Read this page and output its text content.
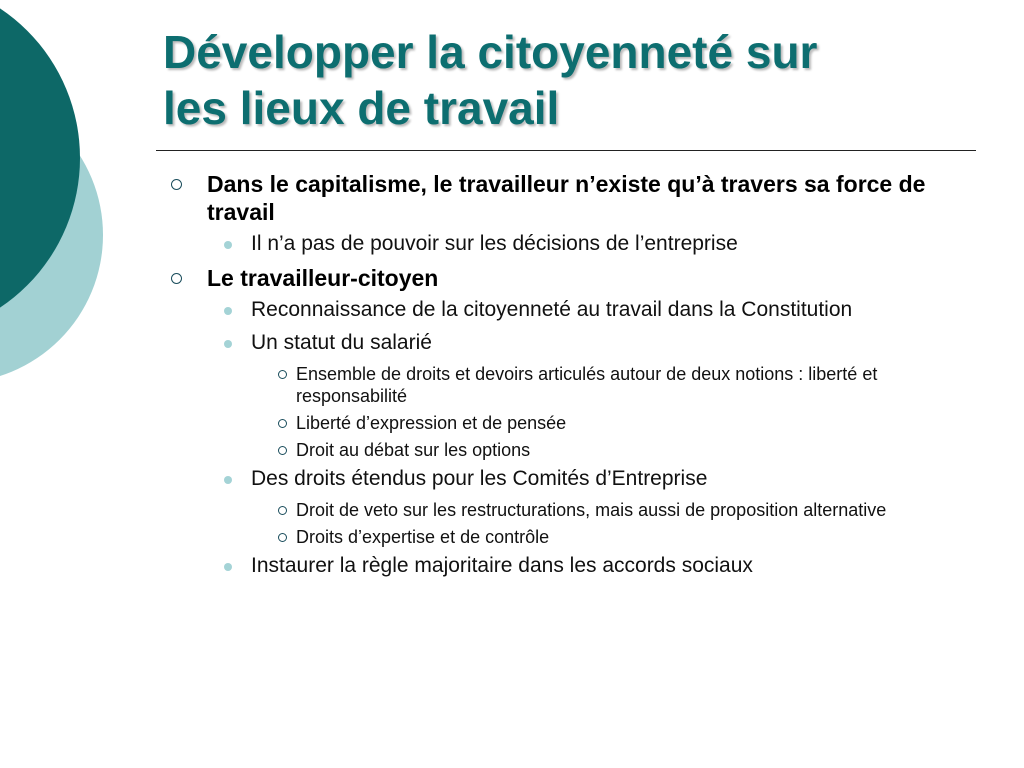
Développer la citoyenneté sur
les lieux de travail
Dans le capitalisme, le travailleur n’existe qu’à travers sa force de travail
Il n’a pas de pouvoir sur les décisions de l’entreprise
Le travailleur-citoyen
Reconnaissance de la citoyenneté au travail dans la Constitution
Un statut du salarié
Ensemble de droits et devoirs articulés autour de deux notions : liberté et responsabilité
Liberté d’expression et de pensée
Droit au débat sur les options
Des droits étendus pour les Comités d’Entreprise
Droit de veto sur les restructurations, mais aussi de proposition alternative
Droits d’expertise et de contrôle
Instaurer la règle majoritaire dans les accords sociaux
